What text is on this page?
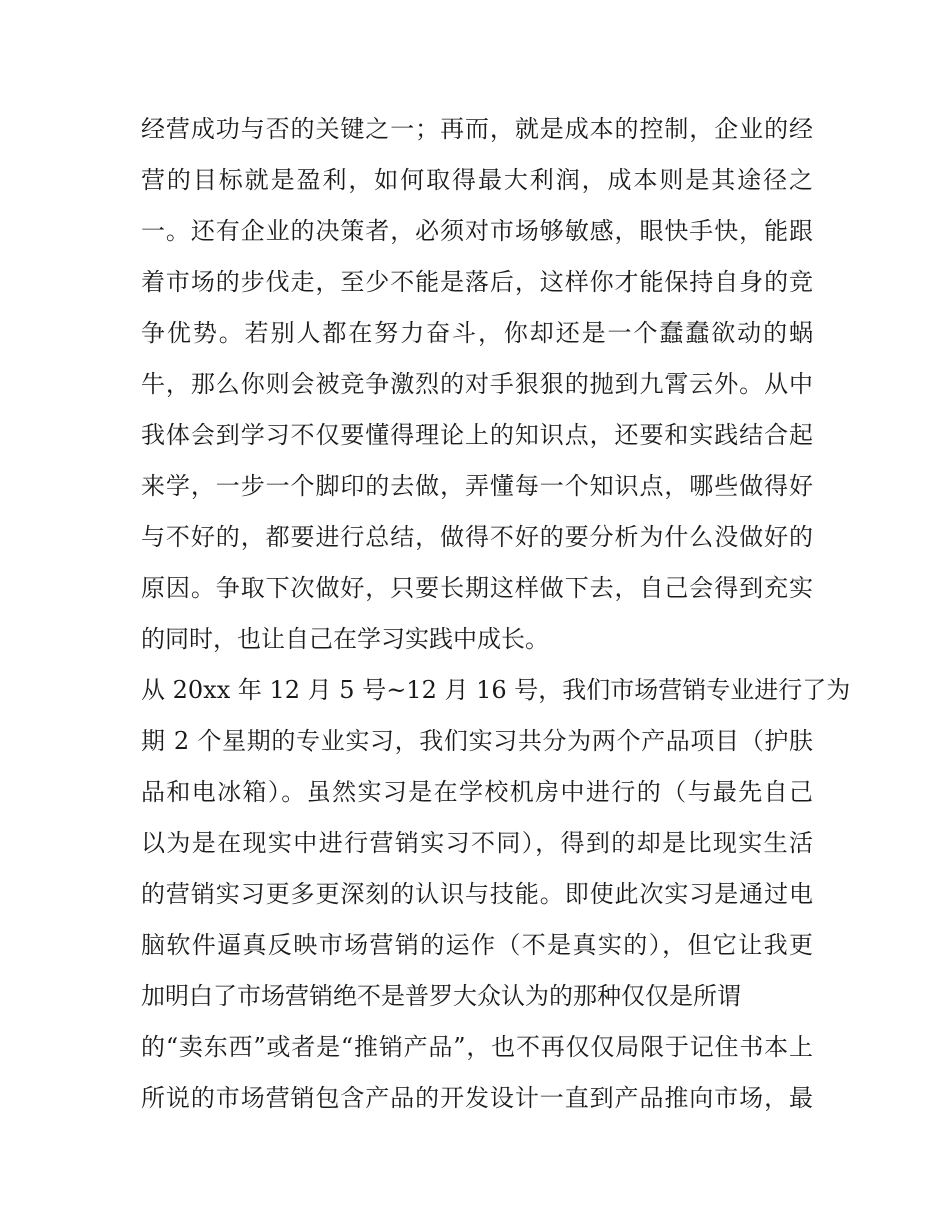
经营成功与否的关键之一；再而，就是成本的控制，企业的经
营的目标就是盈利，如何取得最大利润，成本则是其途径之
一。还有企业的决策者，必须对市场够敏感，眼快手快，能跟
着市场的步伐走，至少不能是落后，这样你才能保持自身的竞
争优势。若别人都在努力奋斗，你却还是一个蠢蠢欲动的蜗
牛，那么你则会被竞争激烈的对手狠狠的抛到九霄云外。从中
我体会到学习不仅要懂得理论上的知识点，还要和实践结合起
来学，一步一个脚印的去做，弄懂每一个知识点，哪些做得好
与不好的，都要进行总结，做得不好的要分析为什么没做好的
原因。争取下次做好，只要长期这样做下去，自己会得到充实
的同时，也让自己在学习实践中成长。
从 20xx 年 12 月 5 号~12 月 16 号，我们市场营销专业进行了为
期 2 个星期的专业实习，我们实习共分为两个产品项目（护肤
品和电冰箱）。虽然实习是在学校机房中进行的（与最先自己
以为是在现实中进行营销实习不同），得到的却是比现实生活
的营销实习更多更深刻的认识与技能。即使此次实习是通过电
脑软件逼真反映市场营销的运作（不是真实的），但它让我更
加明白了市场营销绝不是普罗大众认为的那种仅仅是所谓
的“卖东西”或者是“推销产品”，也不再仅仅局限于记住书本上
所说的市场营销包含产品的开发设计一直到产品推向市场，最
